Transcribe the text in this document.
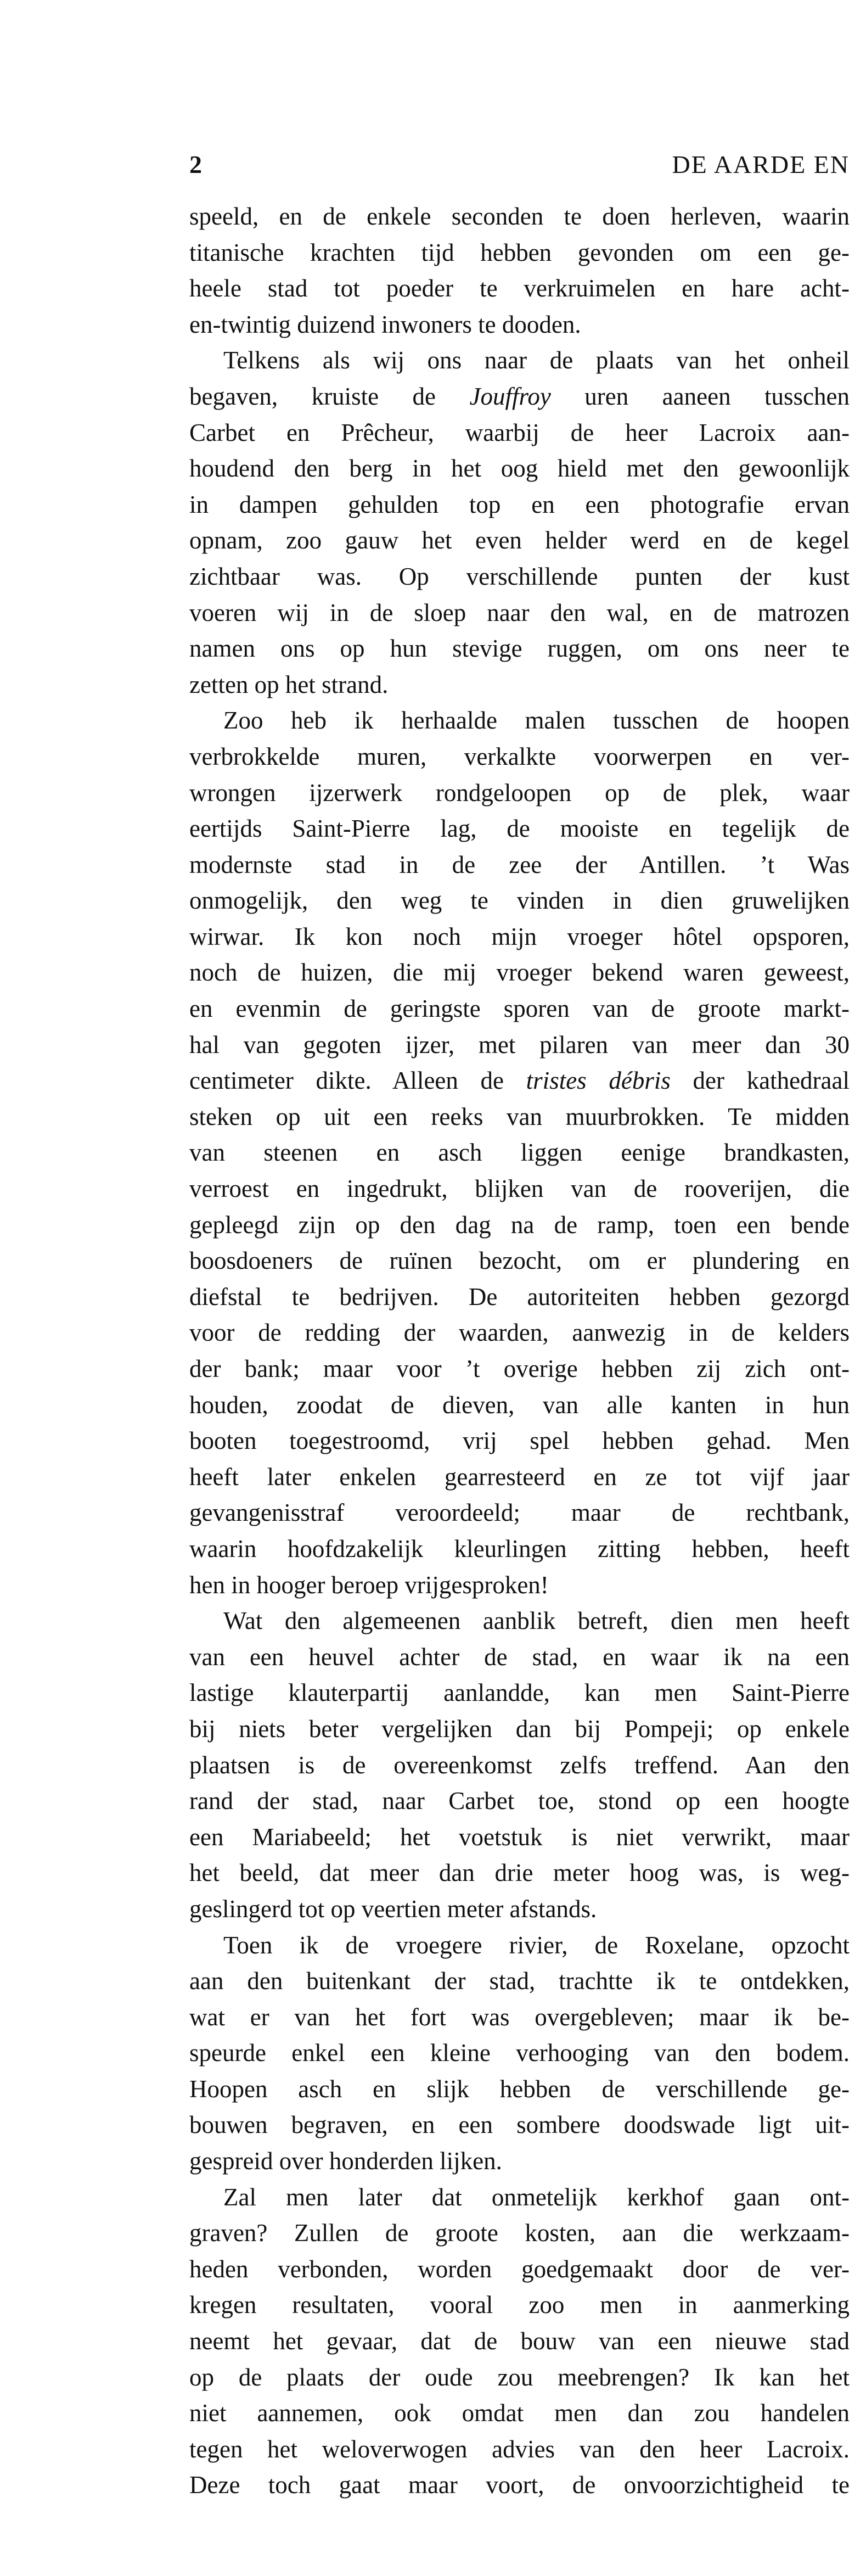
2	DE AARDE EN
speeld, en de enkele seconden te doen herleven, waarin
titanische krachten tijd hebben gevonden om een ge-
heele stad tot poeder te verkruimelen en hare acht-
en-twintig duizend inwoners te dooden.
Telkens als wij ons naar de plaats van het onheil
begaven, kruiste de Jouffroy uren aaneen tusschen
Carbet en Prêcheur, waarbij de heer Lacroix aan-
houdend den berg in het oog hield met den gewoonlijk
in dampen gehulden top en een photografie ervan
opnam, zoo gauw het even helder werd en de kegel
zichtbaar was. Op verschillende punten der kust
voeren wij in de sloep naar den wal, en de matrozen
namen ons op hun stevige ruggen, om ons neer te
zetten op het strand.
Zoo heb ik herhaalde malen tusschen de hoopen
verbrokkelde muren, verkalkte voorwerpen en ver-
wrongen ijzerwerk rondgeloopen op de plek, waar
eertijds Saint-Pierre lag, de mooiste en tegelijk de
modernste stad in de zee der Antillen. ’t Was
onmogelijk, den weg te vinden in dien gruwelijken
wirwar. Ik kon noch mijn vroeger hôtel opsporen,
noch de huizen, die mij vroeger bekend waren geweest,
en evenmin de geringste sporen van de groote markt-
hal van gegoten ijzer, met pilaren van meer dan 30
centimeter dikte. Alleen de tristes débris der kathedraal
steken op uit een reeks van muurbrokken. Te midden
van steenen en asch liggen eenige brandkasten,
verroest en ingedrukt, blijken van de rooverijen, die
gepleegd zijn op den dag na de ramp, toen een bende
boosdoeners de ruïnen bezocht, om er plundering en
diefstal te bedrijven. De autoriteiten hebben gezorgd
voor de redding der waarden, aanwezig in de kelders
der bank; maar voor ’t overige hebben zij zich ont-
houden, zoodat de dieven, van alle kanten in hun
booten toegestroomd, vrij spel hebben gehad. Men
heeft later enkelen gearresteerd en ze tot vijf jaar
gevangenisstraf veroordeeld; maar de rechtbank,
waarin hoofdzakelijk kleurlingen zitting hebben, heeft
hen in hooger beroep vrijgesproken!
Wat den algemeenen aanblik betreft, dien men heeft
van een heuvel achter de stad, en waar ik na een
lastige klauterpartij aanlandde, kan men Saint-Pierre
bij niets beter vergelijken dan bij Pompeji; op enkele
plaatsen is de overeenkomst zelfs treffend. Aan den
rand der stad, naar Carbet toe, stond op een hoogte
een Mariabeeld; het voetstuk is niet verwrikt, maar
het beeld, dat meer dan drie meter hoog was, is weg-
geslingerd tot op veertien meter afstands.
Toen ik de vroegere rivier, de Roxelane, opzocht
aan den buitenkant der stad, trachtte ik te ontdekken,
wat er van het fort was overgebleven; maar ik be-
speurde enkel een kleine verhooging van den bodem.
Hoopen asch en slijk hebben de verschillende ge-
bouwen begraven, en een sombere doodswade ligt uit-
gespreid over honderden lijken.
Zal men later dat onmetelijk kerkhof gaan ont-
graven? Zullen de groote kosten, aan die werkzaam-
heden verbonden, worden goedgemaakt door de ver-
kregen resultaten, vooral zoo men in aanmerking
neemt het gevaar, dat de bouw van een nieuwe stad
op de plaats der oude zou meebrengen? Ik kan het
niet aannemen, ook omdat men dan zou handelen
tegen het weloverwogen advies van den heer Lacroix.
Deze toch gaat maar voort, de onvoorzichtigheid te
